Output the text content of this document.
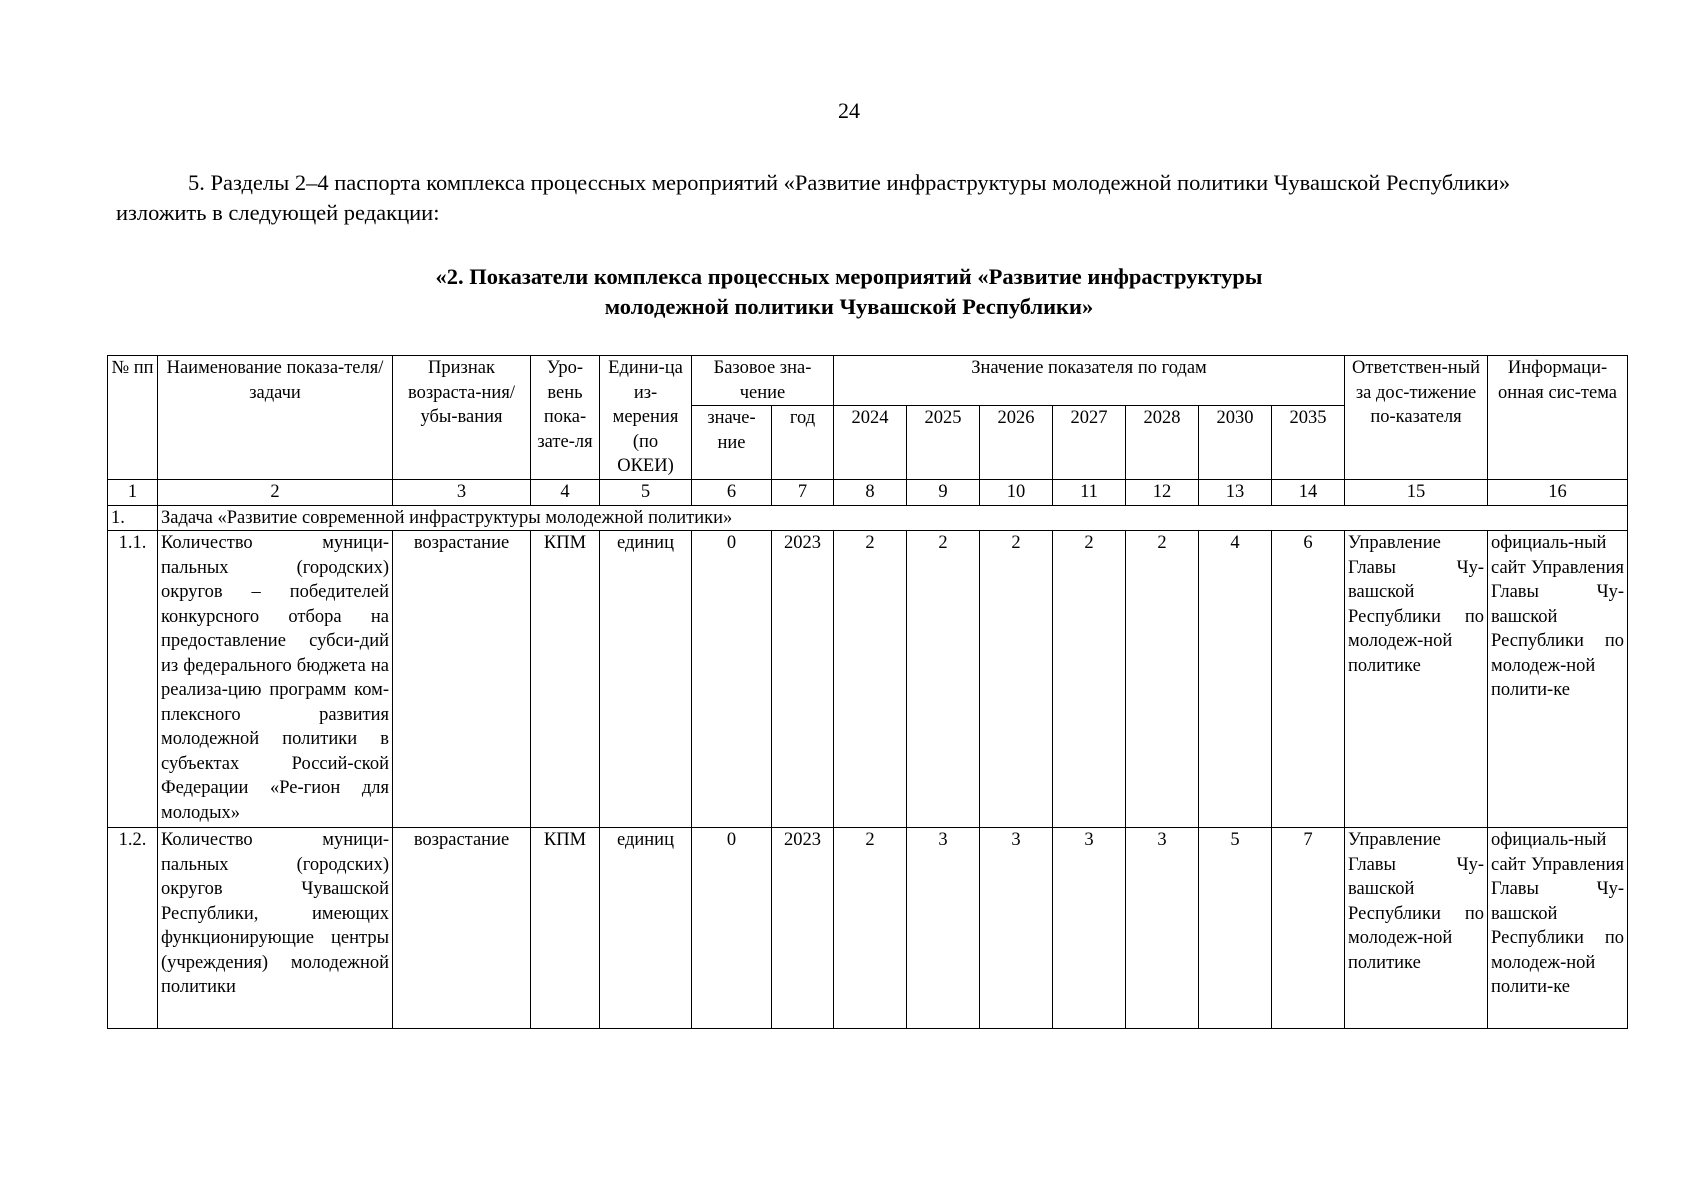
24
5. Разделы 2–4 паспорта комплекса процессных мероприятий «Развитие инфраструктуры молодежной политики Чувашской Республики» изложить в следующей редакции:
«2. Показатели комплекса процессных мероприятий «Развитие инфраструктуры
молодежной политики Чувашской Республики»
№ пп	Наименование показа-теля/задачи	Признак возраста-ния/убы-вания	Уро-вень пока-зате-ля	Едини-ца из-мерения (по ОКЕИ)	Базовое зна-чение		Значение показателя по годам							Ответствен-ный за дос-тижение по-казателя	Информаци-онная сис-тема
					значе-ние	год	2024	2025	2026	2027	2028	2030	2035		
1	2	3	4	5	6	7	8	9	10	11	12	13	14	15	16
1.	Задача «Развитие современной инфраструктуры молодежной политики»														
1.1.	Количество муници-пальных (городских) округов – победителей конкурсного отбора на предоставление субси-дий из федерального бюджета на реализа-цию программ ком-плексного развития молодежной политики в субъектах Россий-ской Федерации «Ре-гион для молодых»	возрастание	КПМ	единиц	0	2023	2	2	2	2	2	4	6	Управление Главы Чу-вашской Республики по молодеж-ной политике	официаль-ный сайт Управления Главы Чу-вашской Республики по молодеж-ной полити-ке
1.2.	Количество муници-пальных (городских) округов Чувашской Республики, имеющих функционирующие центры (учреждения) молодежной политики	возрастание	КПМ	единиц	0	2023	2	3	3	3	3	5	7	Управление Главы Чу-вашской Республики по молодеж-ной политике	официаль-ный сайт Управления Главы Чу-вашской Республики по молодеж-ной полити-ке
